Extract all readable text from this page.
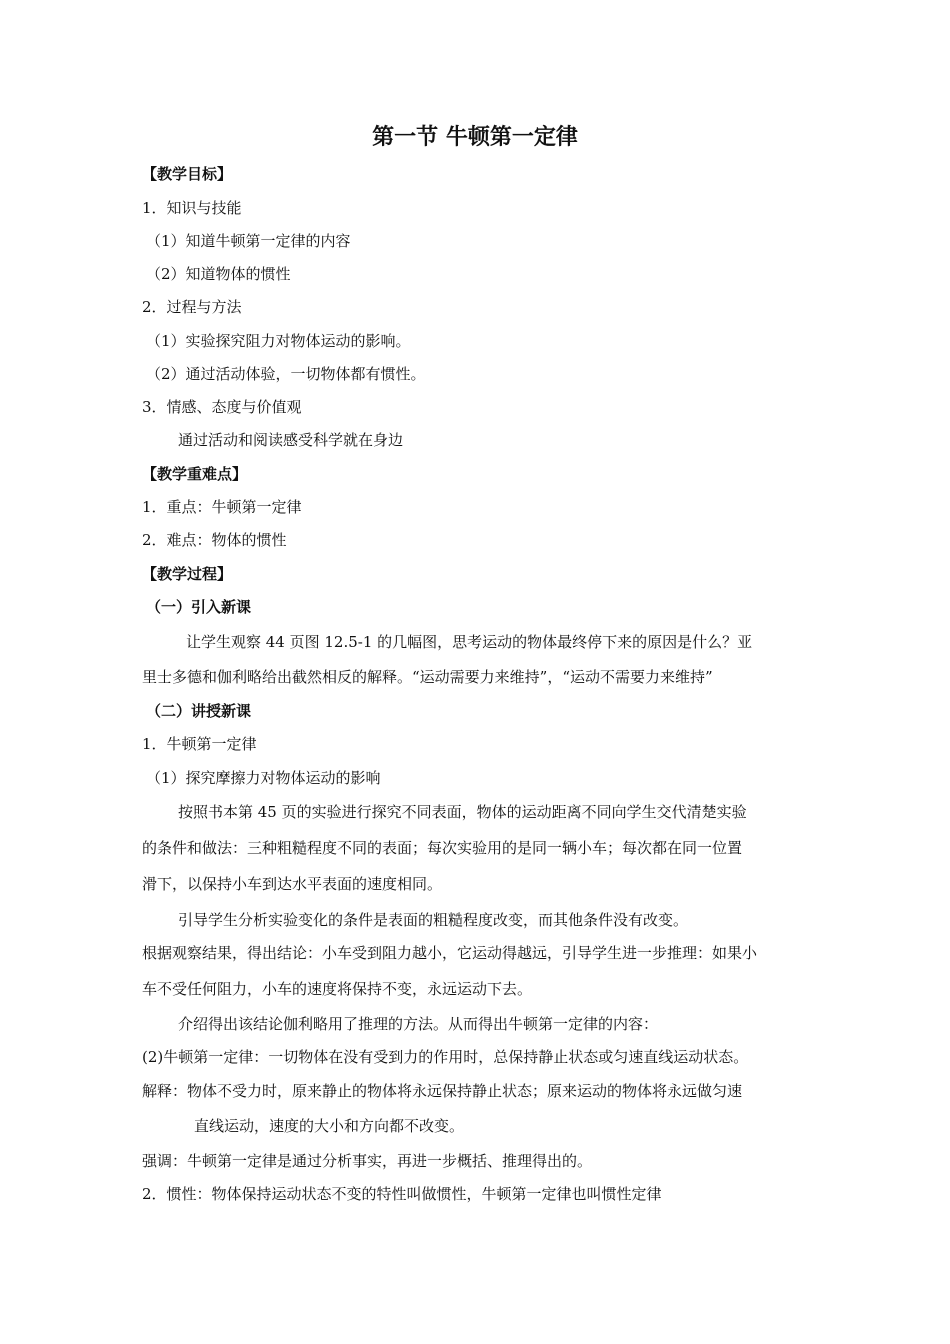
第一节 牛顿第一定律
【教学目标】
1．知识与技能
（1）知道牛顿第一定律的内容
（2）知道物体的惯性
2．过程与方法
（1）实验探究阻力对物体运动的影响。
（2）通过活动体验，一切物体都有惯性。
3．情感、态度与价值观
通过活动和阅读感受科学就在身边
【教学重难点】
1．重点：牛顿第一定律
2．难点：物体的惯性
【教学过程】
（一）引入新课
让学生观察 44 页图 12.5-1 的几幅图，思考运动的物体最终停下来的原因是什么？亚
里士多德和伽利略给出截然相反的解释。“运动需要力来维持”，“运动不需要力来维持”
（二）讲授新课
1．牛顿第一定律
（1）探究摩擦力对物体运动的影响
按照书本第 45 页的实验进行探究不同表面，物体的运动距离不同向学生交代清楚实验
的条件和做法：三种粗糙程度不同的表面；每次实验用的是同一辆小车；每次都在同一位置
滑下，以保持小车到达水平表面的速度相同。
引导学生分析实验变化的条件是表面的粗糙程度改变，而其他条件没有改变。
根据观察结果，得出结论：小车受到阻力越小，它运动得越远，引导学生进一步推理：如果小
车不受任何阻力，小车的速度将保持不变，永远运动下去。
介绍得出该结论伽利略用了推理的方法。从而得出牛顿第一定律的内容：
(2)牛顿第一定律：一切物体在没有受到力的作用时，总保持静止状态或匀速直线运动状态。
解释：物体不受力时，原来静止的物体将永远保持静止状态；原来运动的物体将永远做匀速
直线运动，速度的大小和方向都不改变。
强调：牛顿第一定律是通过分析事实，再进一步概括、推理得出的。
2．惯性：物体保持运动状态不变的特性叫做惯性，牛顿第一定律也叫惯性定律
